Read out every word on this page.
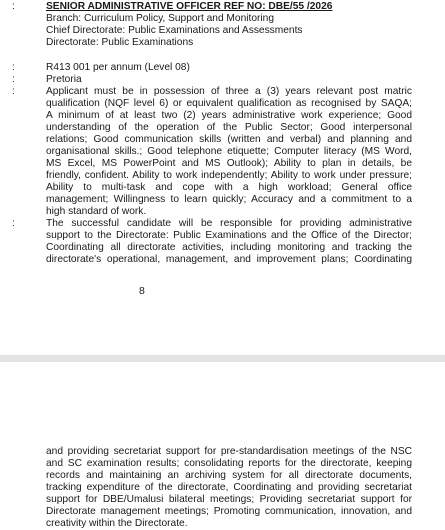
:	SENIOR ADMINISTRATIVE OFFICER REF NO: DBE/55 /2026
Branch: Curriculum Policy, Support and Monitoring
Chief Directorate: Public Examinations and Assessments
Directorate: Public Examinations
:	R413 001 per annum (Level 08)
:	Pretoria
:	Applicant must be in possession of three a (3) years relevant post matric
qualification (NQF level 6) or equivalent qualification as recognised by SAQA;
A minimum of at least two (2) years administrative work experience; Good
understanding of the operation of the Public Sector; Good interpersonal
relations; Good communication skills (written and verbal) and planning and
organisational skills.; Good telephone etiquette; Computer literacy (MS Word,
MS Excel, MS PowerPoint and MS Outlook); Ability to plan in details, be
friendly, confident. Ability to work independently; Ability to work under pressure;
Ability to multi-task and cope with a high workload; General office
management; Willingness to learn quickly; Accuracy and a commitment to a
high standard of work.
:	The successful candidate will be responsible for providing administrative
support to the Directorate: Public Examinations and the Office of the Director;
Coordinating all directorate activities, including monitoring and tracking the
directorate's operational, management, and improvement plans; Coordinating
8
and providing secretariat support for pre-standardisation meetings of the NSC
and SC examination results; consolidating reports for the directorate, keeping
records and maintaining an archiving system for all directorate documents,
tracking expenditure of the directorate, Coordinating and providing secretariat
support for DBE/Umalusi bilateral meetings; Providing secretariat support for
Directorate management meetings; Promoting communication, innovation, and
creativity within the Directorate.
